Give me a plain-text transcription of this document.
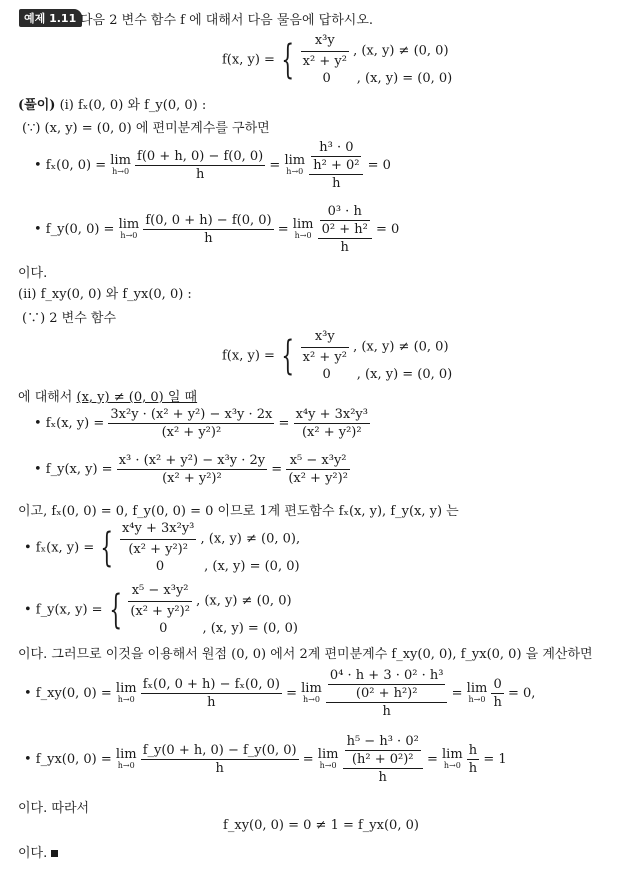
예제 1.11 다음 2 변수 함수 f 에 대해서 다음 물음에 답하시오.
f(x, y) = { $\frac{\text{x³y}}{\text{x² + y²}}$ , (x, y) ≠ (0, 0)
0 , (x, y) = (0, 0)
(풀이) (i) fₓ(0, 0) 와 f_y(0, 0) :
(∵) (x, y) = (0, 0) 에 편미분계수를 구하면
• fₓ(0, 0) = lim
h→0
$\frac{f(0 + h, 0) - f(0, 0)}{h} = \lim$
h→0
$\frac{\frac{\text{h³ · 0}}{\text{h² + 0²}}}{h} = 0$
• f_y(0, 0) = lim
h→0
$\frac{f(0, 0 + h) - f(0, 0)}{h} = \lim$
h→0
$\frac{\frac{\text{0³ · h}}{\text{0² + h²}}}{h} = 0$
이다.
(ii) f_xy(0, 0) 와 f_yx(0, 0) :
(∵) 2 변수 함수
f(x, y) = { $\frac{\text{x³y}}{\text{x² + y²}}$ , (x, y) ≠ (0, 0)
0 , (x, y) = (0, 0)
에 대해서 (x, y) ≠ (0, 0) 일 때
• fₓ(x, $y) = \frac{\text{3x²y · (x² + y²) − x³y · 2x}}{\text{(x² + y²)²}} = \frac{\text{x⁴y + 3x²y³}}{\text{(x² + y²)²}}$
• f_y(x, $y) = \frac{\text{x³ · (x² + y²) − x³y · 2y}}{\text{(x² + y²)²}} = \frac{\text{x⁵ − x³y²}}{\text{(x² + y²)²}}$
이고, fₓ(0, 0) = 0, f_y(0, 0) = 0 이므로 1계 편도함수 fₓ(x, y), f_y(x, y) 는
• fₓ(x, y) = { $\frac{\text{x⁴y + 3x²y³}}{\text{(x² + y²)²}}$ , (x, y) ≠ (0, 0),
0	, (x, y) = (0, 0)
• f_y(x, y) = { $\frac{\text{x⁵ − x³y²}}{\text{(x² + y²)²}}$ , (x, y) ≠ (0, 0)
0	, (x, y) = (0, 0)
이다. 그러므로 이것을 이용해서 원점 (0, 0) 에서 2계 편미분계수 f_xy(0, 0), f_yx(0, 0) 을 계산하면
• f_xy(0, 0) = lim
h→0
$\frac{\text{fₓ(0, 0 + h) − fₓ(0, 0)}}{h} = \lim$
h→0
$\frac{\frac{\text{0⁴ · h + 3 · 0² · h³}}{\text{(0² + h²)²}}}{h} = \lim$
h→0
$\frac{0}{h} = 0$,
• f_yx(0, 0) = lim
h→0
$\frac{f\_y(0 + h, 0) - f\_y(0, 0)}{h} = \lim$
h→0
$\frac{\frac{\text{h⁵ − h³ · 0²}}{\text{(h² + 0²)²}}}{h} = \lim$
h→0
$\frac{h}{h} = 1$
이다. 따라서
f_xy(0, 0) = 0 ≠ 1 = f_yx(0, 0)
이다.
